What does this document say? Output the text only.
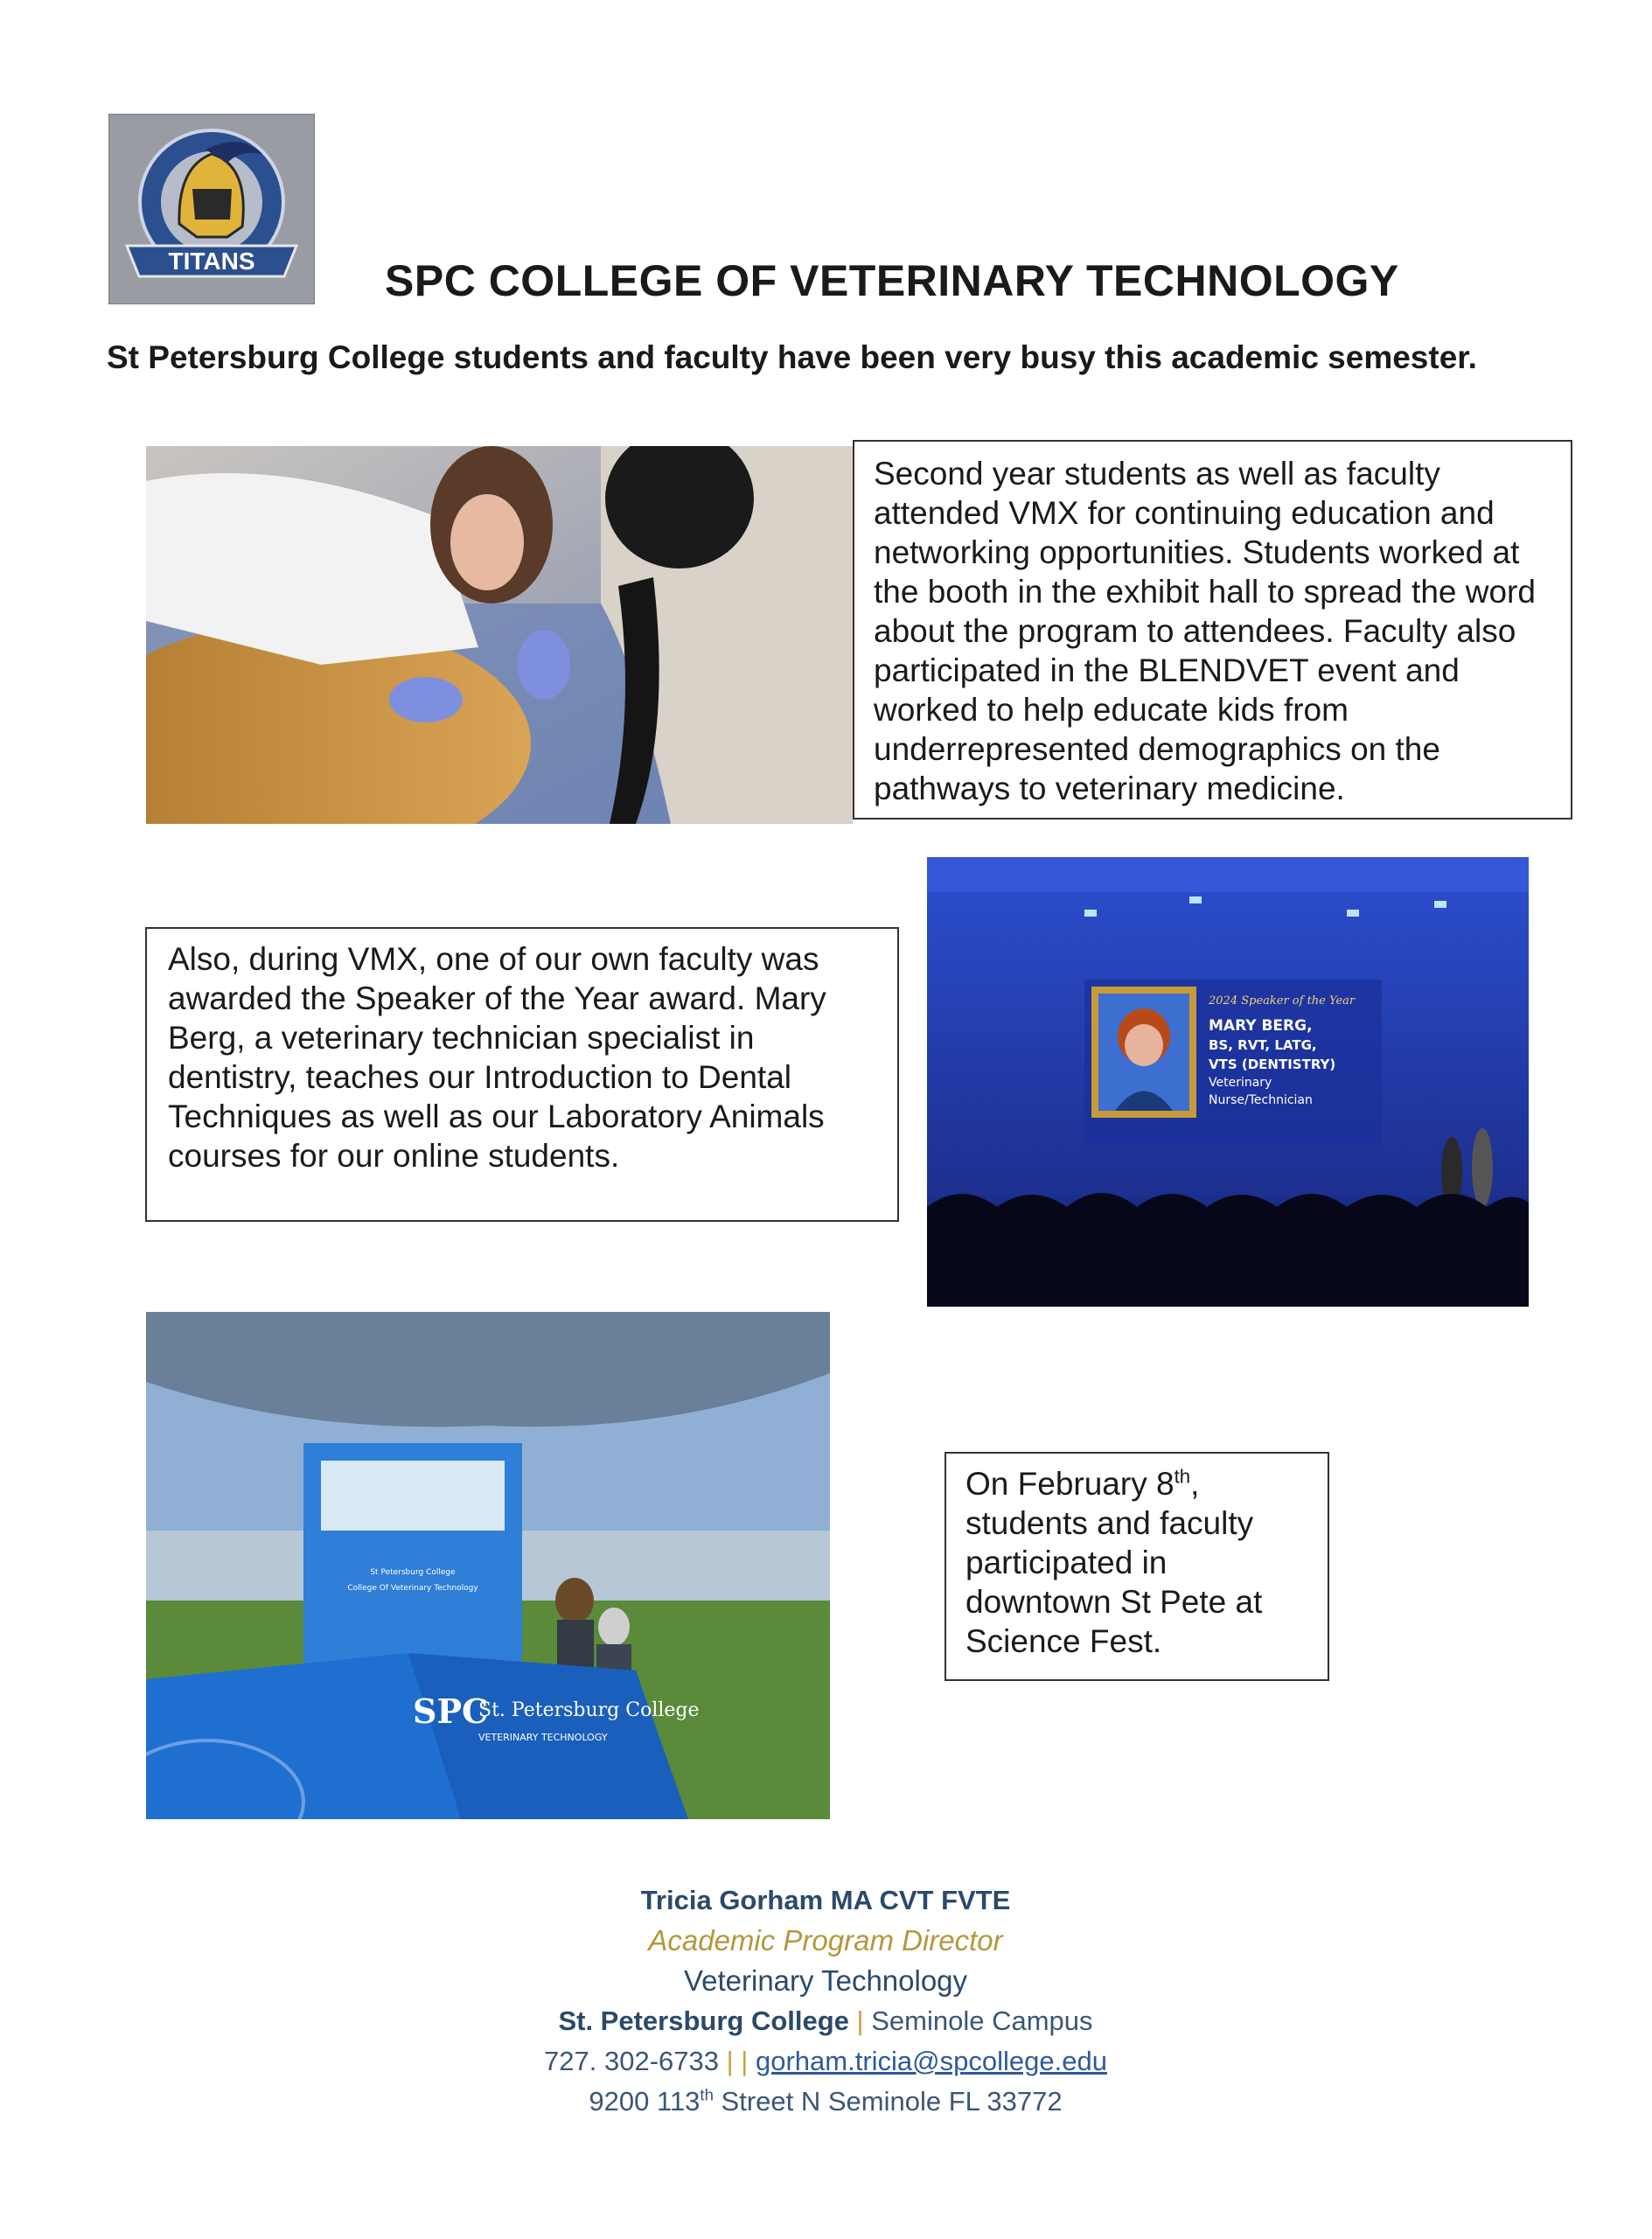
TITANS	SPC COLLEGE OF VETERINARY TECHNOLOGY
St Petersburg College students and faculty have been very busy this academic semester.
Second year students as well as faculty attended VMX for continuing education and networking opportunities. Students worked at the booth in the exhibit hall to spread the word about the program to attendees. Faculty also participated in the BLENDVET event and worked to help educate kids from underrepresented demographics on the pathways to veterinary medicine.
Also, during VMX, one of our own faculty was awarded the Speaker of the Year award. Mary Berg, a veterinary technician specialist in dentistry, teaches our Introduction to Dental Techniques as well as our Laboratory Animals courses for our online students.
2024 Speaker of the Year
MARY BERG,
BS, RVT, LATG,
VTS (DENTISTRY)
Veterinary
Nurse/Technician
St Petersburg College
College Of Veterinary Technology
SPC
St. Petersburg College
VETERINARY TECHNOLOGY
On February 8th, students and faculty participated in downtown St Pete at Science Fest.
Tricia Gorham MA CVT FVTE
Academic Program Director
Veterinary Technology
St. Petersburg College | Seminole Campus
727. 302-6733 | | gorham.tricia@spcollege.edu
9200 113th Street N Seminole FL 33772
